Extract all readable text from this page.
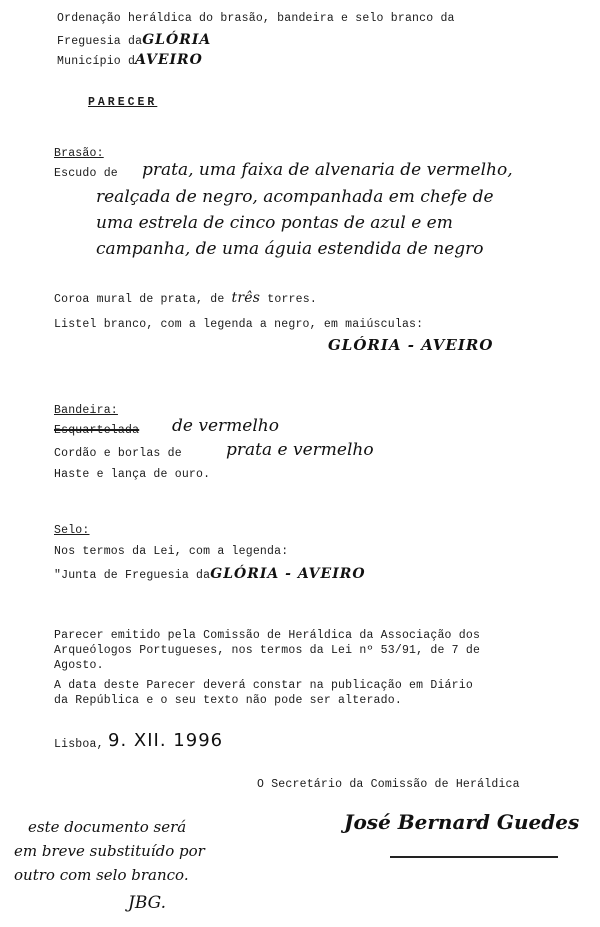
Ordenação heráldica do brasão, bandeira e selo branco da
Freguesia daGLÓRIA
Município dAVEIRO
PARECER
Brasão:
Escudo de prata, uma faixa de alvenaria de vermelho,
realçada de negro, acompanhada em chefe de
uma estrela de cinco pontas de azul e em
campanha, de uma águia estendida de negro
Coroa mural de prata, de três torres.
Listel branco, com a legenda a negro, em maiúsculas:
GLÓRIA - AVEIRO
Bandeira:
Esquartelada de vermelho
Cordão e borlas de	prata e vermelho
Haste e lança de ouro.
Selo:
Nos termos da Lei, com a legenda:
"Junta de Freguesia daGLÓRIA - AVEIRO
Parecer emitido pela Comissão de Heráldica da Associação dos
Arqueólogos Portugueses, nos termos da Lei nº 53/91, de 7 de
Agosto.
A data deste Parecer deverá constar na publicação em Diário
da República e o seu texto não pode ser alterado.
Lisboa, 9. XII. 1996
O Secretário da Comissão de Heráldica
José Bernard Guedes
este documento será
em breve substituído por
outro com selo branco.
JBG.
